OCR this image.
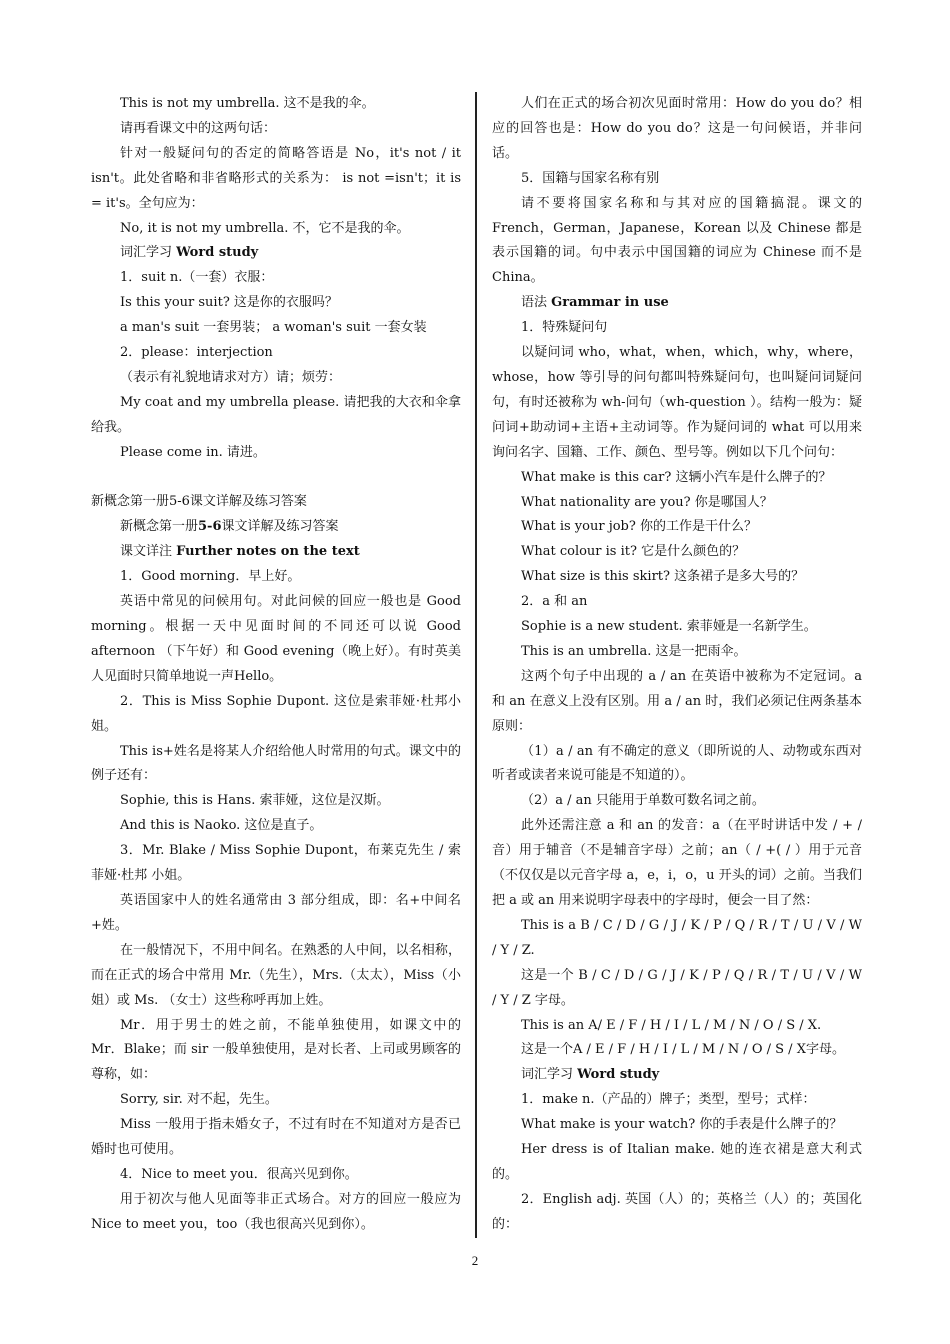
This is not my umbrella. 这不是我的伞。

请再看课文中的这两句话：

针对一般疑问句的否定的简略答语是 No，it's not / it isn't。此处省略和非省略形式的关系为： is not =isn't；it is = it's。全句应为：

No, it is not my umbrella. 不，它不是我的伞。

词汇学习 Word study

1．suit n.（一套）衣服：

Is this your suit? 这是你的衣服吗？

a man's suit 一套男装； a woman's suit 一套女装

2．please：interjection

（表示有礼貌地请求对方）请；烦劳：

My coat and my umbrella please. 请把我的大衣和伞拿给我。

Please come in. 请进。

新概念第一册5-6课文详解及练习答案

新概念第一册5-6课文详解及练习答案

课文详注 Further notes on the text

1．Good morning．早上好。

英语中常见的问候用句。对此问候的回应一般也是 Good morning。根据一天中见面时间的不同还可以说 Good afternoon （下午好）和 Good evening（晚上好）。有时英美人见面时只简单地说一声Hello。

2．This is Miss Sophie Dupont. 这位是索菲娅·杜邦小姐。

This is+姓名是将某人介绍给他人时常用的句式。课文中的例子还有：

Sophie, this is Hans. 索菲娅，这位是汉斯。

And this is Naoko. 这位是直子。

3．Mr. Blake / Miss Sophie Dupont，布莱克先生 / 索菲娅·杜邦 小姐。

英语国家中人的姓名通常由 3 部分组成，即：名+中间名+姓。

在一般情况下，不用中间名。在熟悉的人中间，以名相称，而在正式的场合中常用 Mr.（先生），Mrs.（太太），Miss（小姐）或 Ms. （女士）这些称呼再加上姓。

Mr．用于男士的姓之前，不能单独使用，如课文中的 Mr．Blake；而 sir 一般单独使用，是对长者、上司或男顾客的尊称，如：

Sorry, sir. 对不起，先生。

Miss 一般用于指未婚女子，不过有时在不知道对方是否已婚时也可使用。

4．Nice to meet you．很高兴见到你。

用于初次与他人见面等非正式场合。对方的回应一般应为 Nice to meet you，too（我也很高兴见到你）。

人们在正式的场合初次见面时常用：How do you do？相应的回答也是：How do you do？这是一句问候语，并非问话。

5．国籍与国家名称有别

请不要将国家名称和与其对应的国籍搞混。课文的 French，German，Japanese，Korean 以及 Chinese 都是表示国籍的词。句中表示中国国籍的词应为 Chinese 而不是 China。

语法 Grammar in use

1．特殊疑问句

以疑问词 who，what，when，which，why，where，whose，how 等引导的问句都叫特殊疑问句，也叫疑问词疑问句，有时还被称为 wh-问句（wh-question ）。结构一般为：疑问词+助动词+主语+主动词等。作为疑问词的 what 可以用来询问名字、国籍、工作、颜色、型号等。例如以下几个问句：

What make is this car? 这辆小汽车是什么牌子的？

What nationality are you? 你是哪国人？

What is your job? 你的工作是干什么？

What colour is it? 它是什么颜色的？

What size is this skirt? 这条裙子是多大号的？

2．a 和 an

Sophie is a new student. 索菲娅是一名新学生。

This is an umbrella. 这是一把雨伞。

这两个句子中出现的 a / an 在英语中被称为不定冠词。a 和 an 在意义上没有区别。用 a / an 时，我们必须记住两条基本原则：

（1）a / an 有不确定的意义（即所说的人、动物或东西对听者或读者来说可能是不知道的）。

（2）a / an 只能用于单数可数名词之前。

此外还需注意 a 和 an 的发音：a（在平时讲话中发 / + / 音）用于辅音（不是辅音字母）之前；an（ / +( / ）用于元音（不仅仅是以元音字母 a，e，i，o，u 开头的词）之前。当我们把 a 或 an 用来说明字母表中的字母时，便会一目了然：

This is a B / C / D / G / J / K / P / Q / R / T / U / V / W / Y / Z.

这是一个 B / C / D / G / J / K / P / Q / R / T / U / V / W / Y / Z 字母。

This is an A/ E / F / H / I / L / M / N / O / S / X.

这是一个A / E / F / H / I / L / M / N / O / S / X字母。

词汇学习 Word study

1．make n.（产品的）牌子；类型，型号；式样：

What make is your watch? 你的手表是什么牌子的？

Her dress is of Italian make. 她的连衣裙是意大利式的。

2．English adj. 英国（人）的；英格兰（人）的；英国化的：

2
